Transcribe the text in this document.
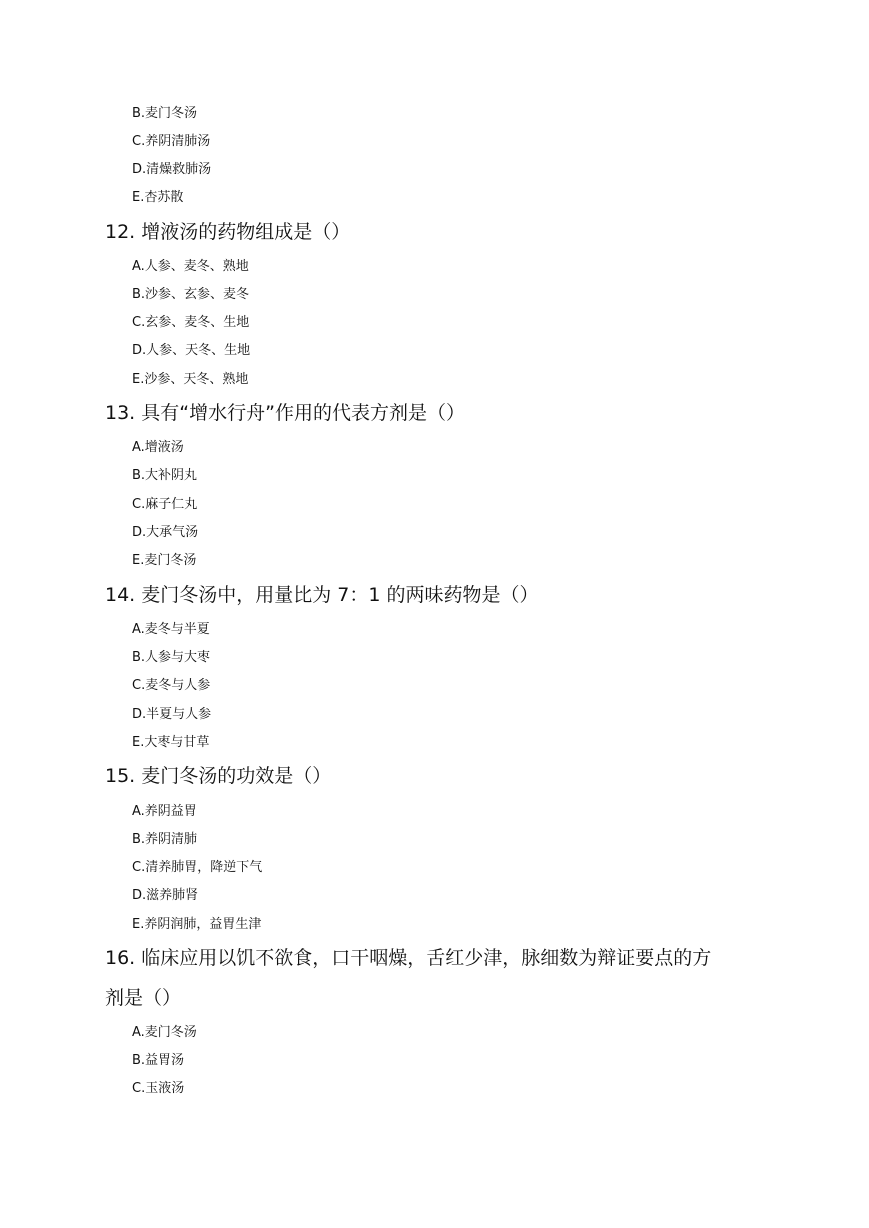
B.麦门冬汤

C.养阴清肺汤

D.清燥救肺汤

E.杏苏散

12. 增液汤的药物组成是（）

A.人参、麦冬、熟地

B.沙参、玄参、麦冬

C.玄参、麦冬、生地

D.人参、天冬、生地

E.沙参、天冬、熟地

13. 具有“增水行舟”作用的代表方剂是（）

A.增液汤

B.大补阴丸

C.麻子仁丸

D.大承气汤

E.麦门冬汤

14. 麦门冬汤中，用量比为 7：1 的两味药物是（）

A.麦冬与半夏

B.人参与大枣

C.麦冬与人参

D.半夏与人参

E.大枣与甘草

15. 麦门冬汤的功效是（）

A.养阴益胃

B.养阴清肺

C.清养肺胃，降逆下气

D.滋养肺肾

E.养阴润肺，益胃生津

16. 临床应用以饥不欲食，口干咽燥，舌红少津，脉细数为辩证要点的方

剂是（）

A.麦门冬汤

B.益胃汤

C.玉液汤
